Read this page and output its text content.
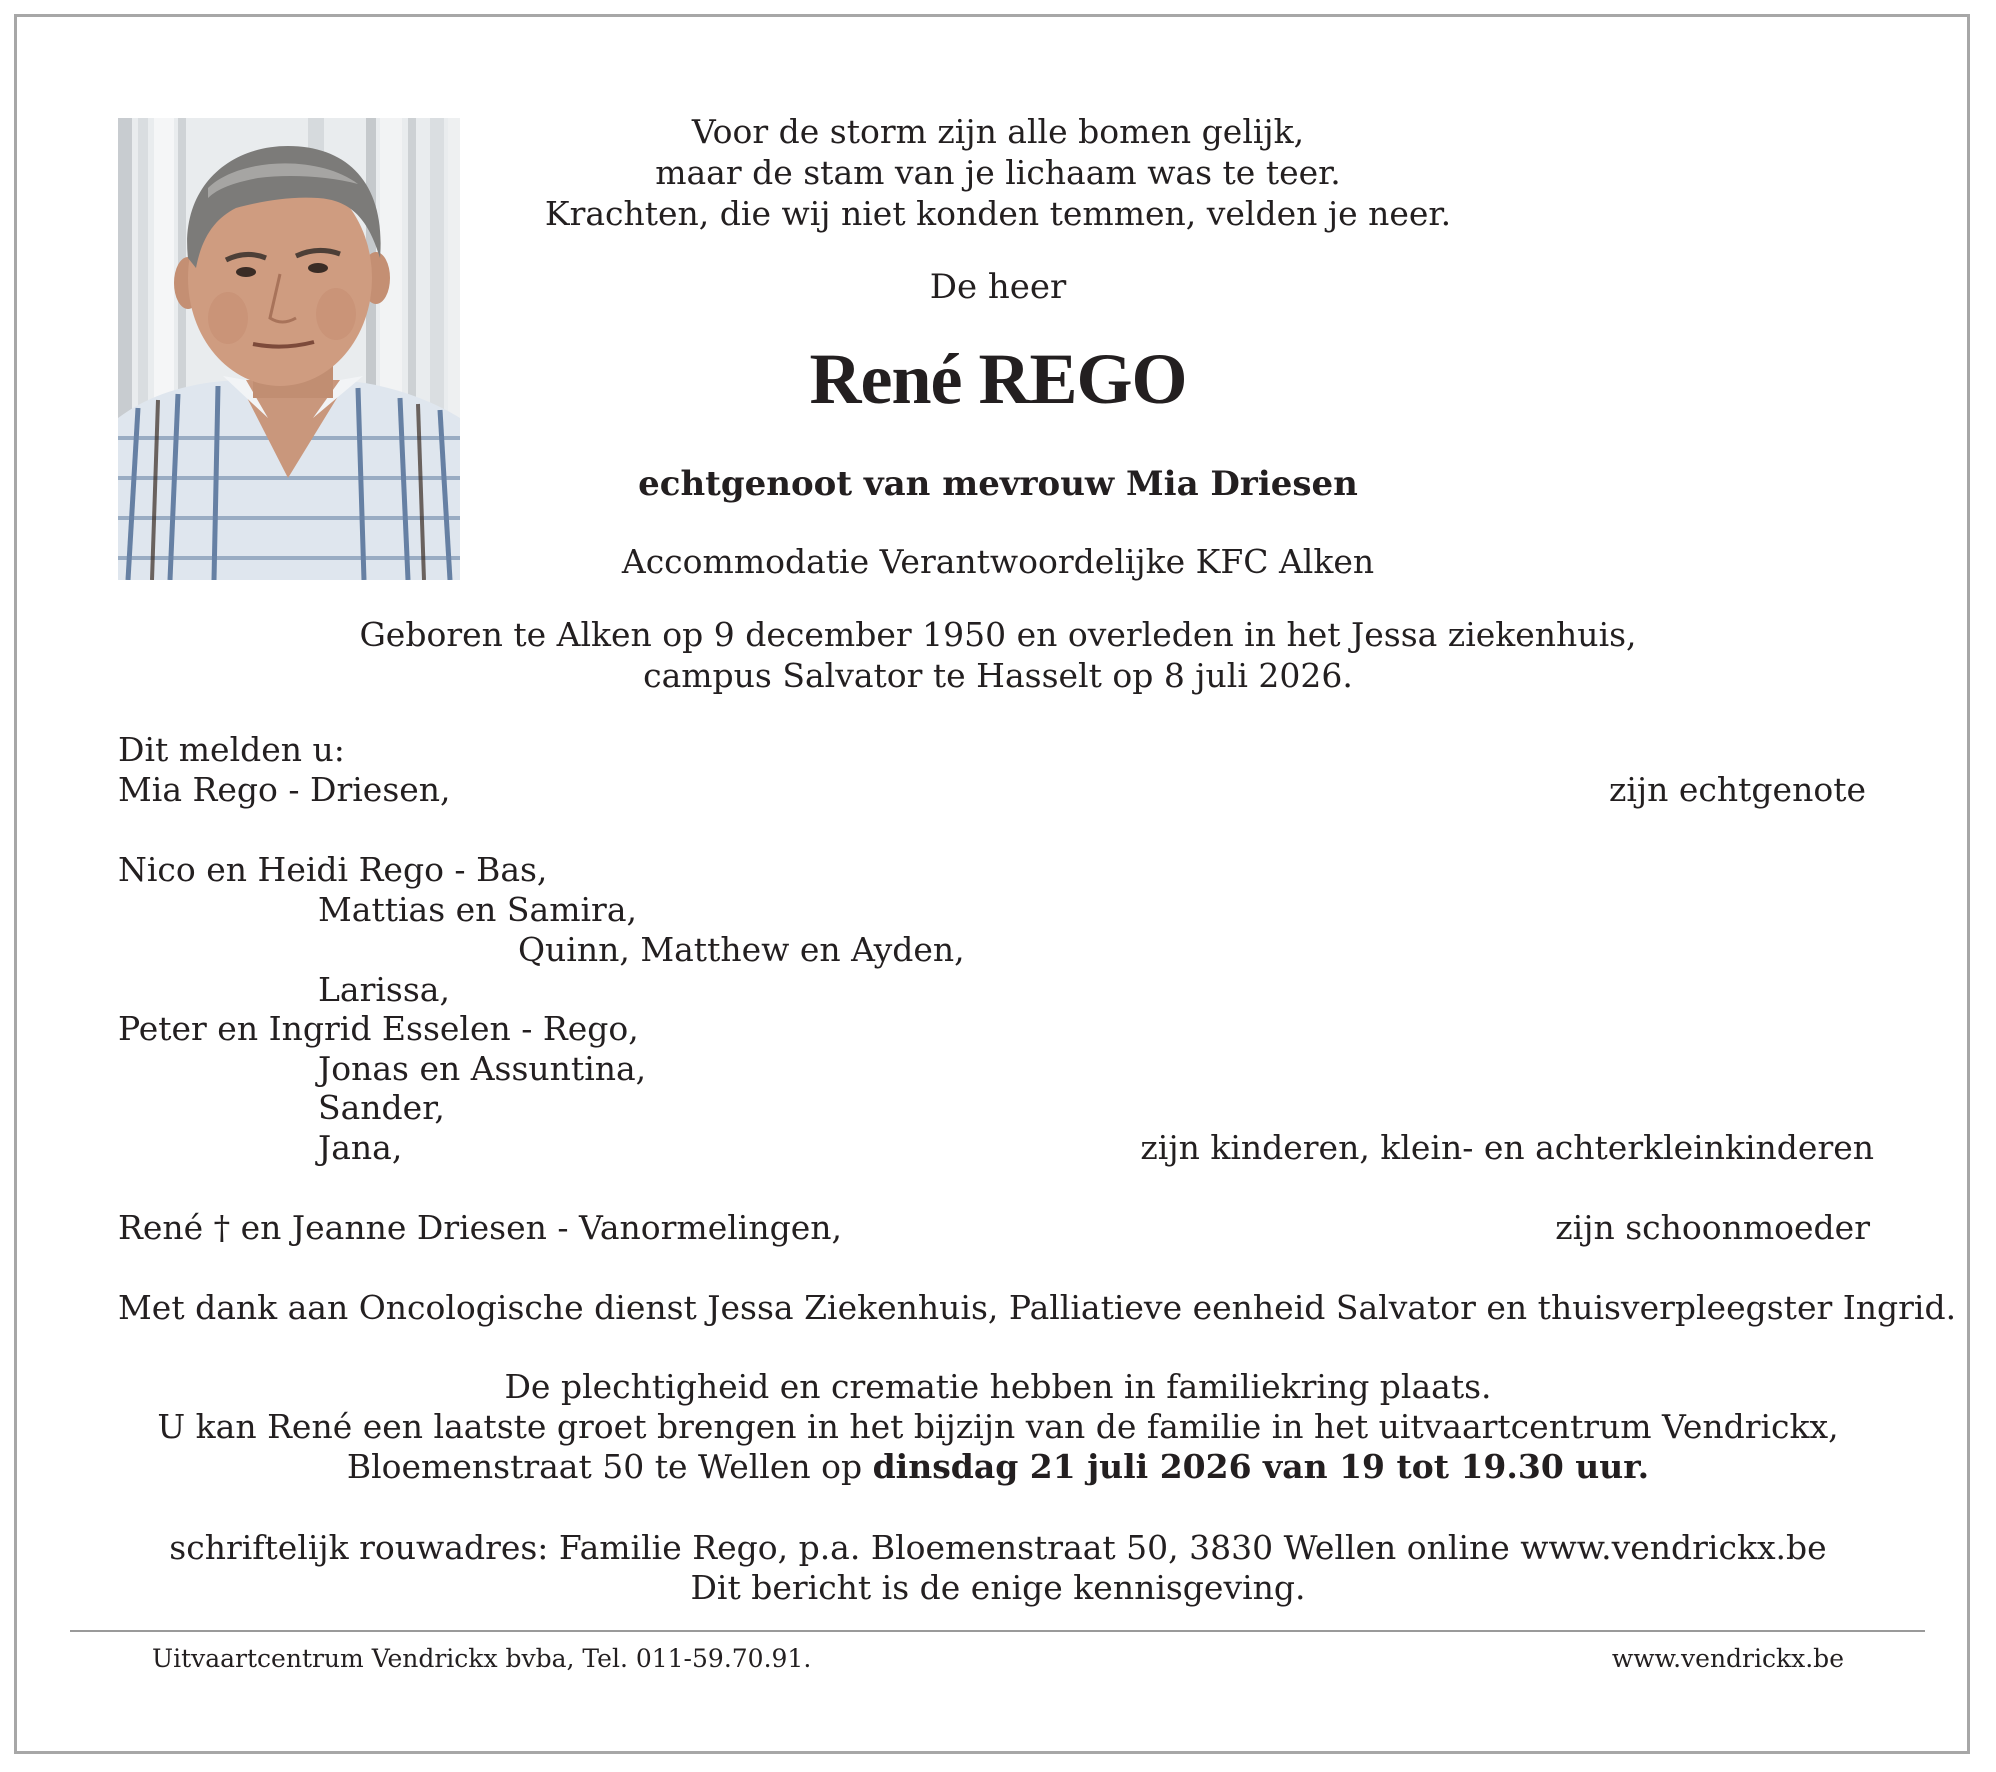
Voor de storm zijn alle bomen gelijk,
maar de stam van je lichaam was te teer.
Krachten, die wij niet konden temmen, velden je neer.
De heer
René REGO
echtgenoot van mevrouw Mia Driesen
Accommodatie Verantwoordelijke KFC Alken
Geboren te Alken op 9 december 1950 en overleden in het Jessa ziekenhuis,
campus Salvator te Hasselt op 8 juli 2026.
Dit melden u:
Mia Rego - Driesen,	zijn echtgenote
Nico en Heidi Rego - Bas,
Mattias en Samira,
Quinn, Matthew en Ayden,
Larissa,
Peter en Ingrid Esselen - Rego,
Jonas en Assuntina,
Sander,
Jana,	zijn kinderen, klein- en achterkleinkinderen
René † en Jeanne Driesen - Vanormelingen,	zijn schoonmoeder
Met dank aan Oncologische dienst Jessa Ziekenhuis, Palliatieve eenheid Salvator en thuisverpleegster Ingrid.
De plechtigheid en crematie hebben in familiekring plaats.
U kan René een laatste groet brengen in het bijzijn van de familie in het uitvaartcentrum Vendrickx,
Bloemenstraat 50 te Wellen op dinsdag 21 juli 2026 van 19 tot 19.30 uur.
schriftelijk rouwadres: Familie Rego, p.a. Bloemenstraat 50, 3830 Wellen online www.vendrickx.be
Dit bericht is de enige kennisgeving.
Uitvaartcentrum Vendrickx bvba, Tel. 011-59.70.91.	www.vendrickx.be
